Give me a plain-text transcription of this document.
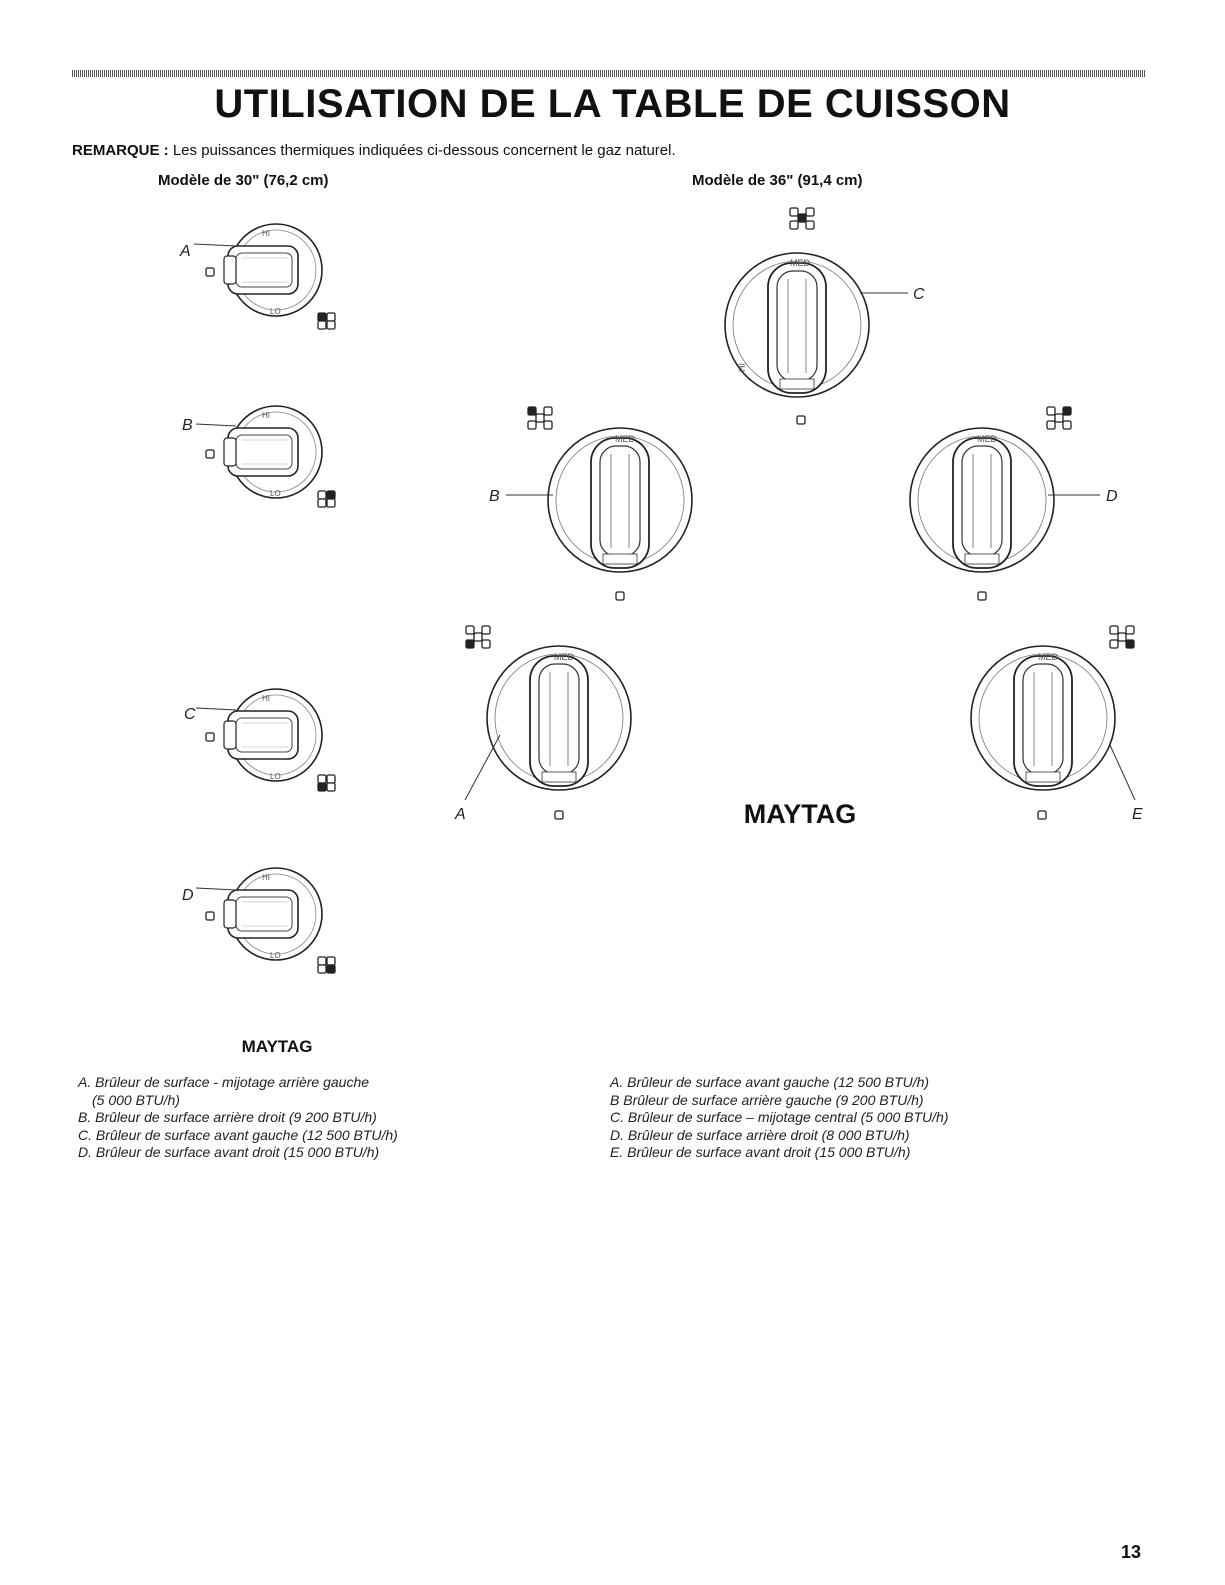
UTILISATION DE LA TABLE DE CUISSON
REMARQUE : Les puissances thermiques indiquées ci-dessous concernent le gaz naturel.
Modèle de 30" (76,2 cm)	Modèle de 36" (91,4 cm)
HI
LO
A
HI
LO
B
HI
LO
C
HI
LO
D
MAYTAG
MED
HI
C
MED
B
MED
D
MED
A
MED
E
MAYTAG
A. Brûleur de surface - mijotage arrière gauche
(5 000 BTU/h)
B. Brûleur de surface arrière droit (9 200 BTU/h)
C. Brûleur de surface avant gauche (12 500 BTU/h)
D. Brûleur de surface avant droit (15 000 BTU/h)
A. Brûleur de surface avant gauche (12 500 BTU/h)
B Brûleur de surface arrière gauche (9 200 BTU/h)
C. Brûleur de surface – mijotage central (5 000 BTU/h)
D. Brûleur de surface arrière droit (8 000 BTU/h)
E. Brûleur de surface avant droit (15 000 BTU/h)
13
